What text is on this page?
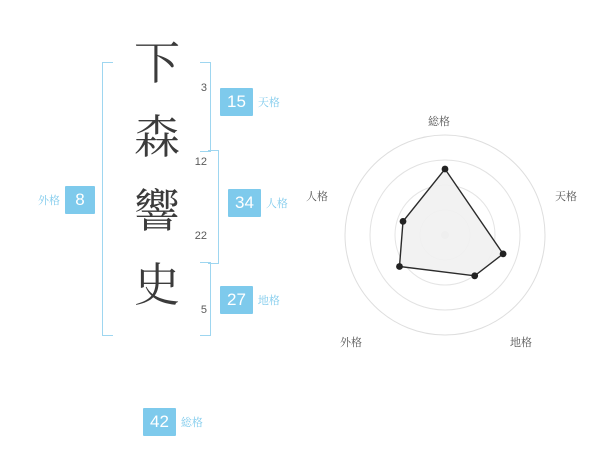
下	3
森	12
響	22
史	5
15	天格
34	人格
27	地格
8
外格
42	総格
総格
天格
地格
外格
人格
